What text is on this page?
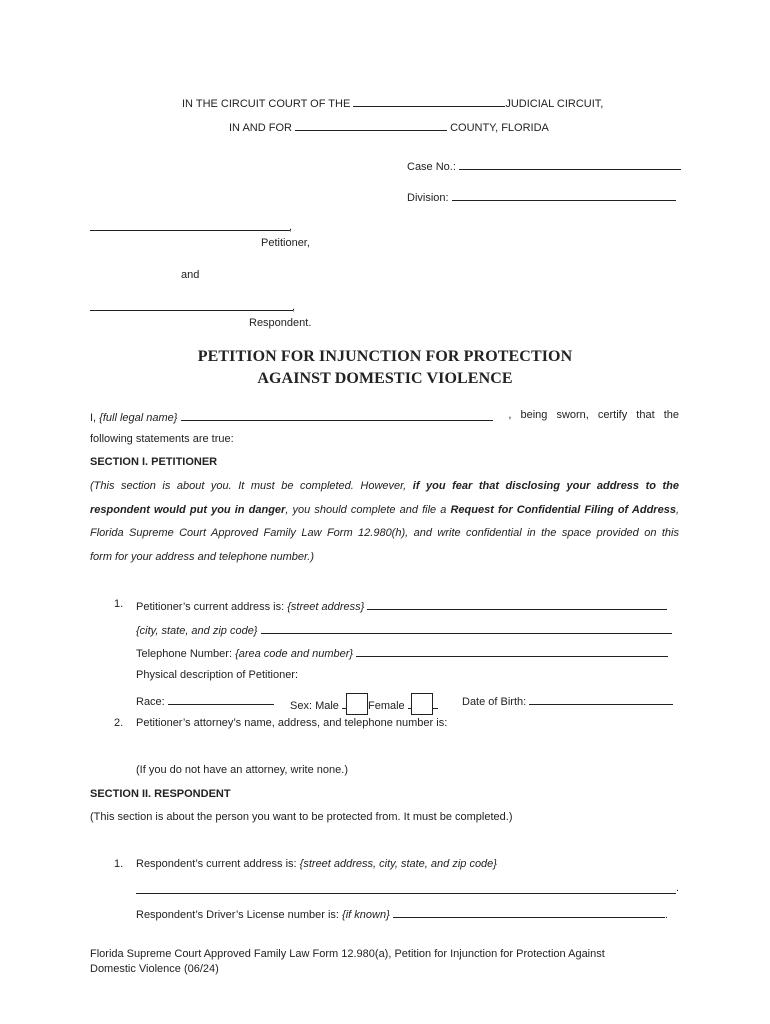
IN THE CIRCUIT COURT OF THE	JUDICIAL CIRCUIT,
IN AND FOR	COUNTY, FLORIDA
Case No.:
Division:
,
Petitioner,
and
,
Respondent.
PETITION FOR INJUNCTION FOR PROTECTION
AGAINST DOMESTIC VIOLENCE
I, {full legal name}	, being sworn, certify that the
following statements are true:
SECTION I. PETITIONER
(This section is about you. It must be completed. However, if you fear that disclosing your address to the
respondent would put you in danger, you should complete and file a Request for Confidential Filing of Address,
Florida Supreme Court Approved Family Law Form 12.980(h), and write confidential in the space provided on this
form for your address and telephone number.)
1. Petitioner’s current address is: {street address}
{city, state, and zip code}
Telephone Number: {area code and number}
Physical description of Petitioner:
Race:	Sex: Male	Female	Date of Birth:
2. Petitioner’s attorney’s name, address, and telephone number is:
(If you do not have an attorney, write none.)
SECTION II. RESPONDENT
(This section is about the person you want to be protected from. It must be completed.)
1. Respondent’s current address is: {street address, city, state, and zip code}
.
Respondent’s Driver’s License number is: {if known}	.
Florida Supreme Court Approved Family Law Form 12.980(a), Petition for Injunction for Protection Against
Domestic Violence (06/24)
